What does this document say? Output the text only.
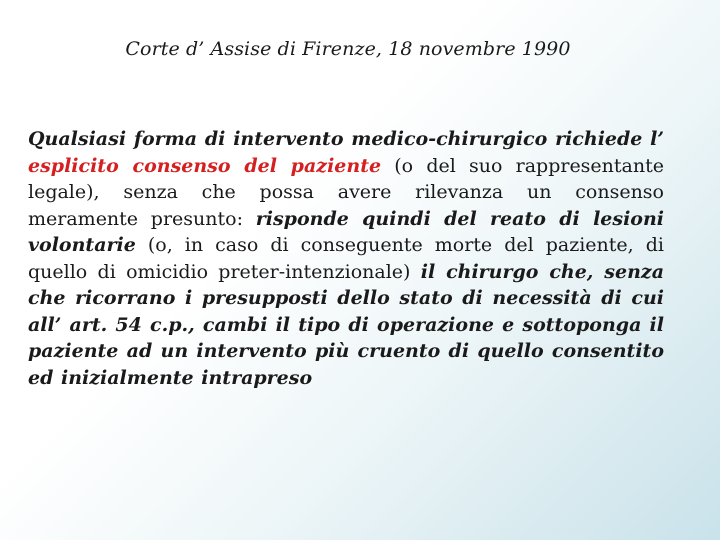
Corte d’ Assise di Firenze, 18 novembre 1990
Qualsiasi forma di intervento medico-chirurgico richiede l’ esplicito consenso del paziente (o del suo rappresentante legale), senza che possa avere rilevanza un consenso meramente presunto: risponde quindi del reato di lesioni volontarie (o, in caso di conseguente morte del paziente, di quello di omicidio preter-intenzionale) il chirurgo che, senza che ricorrano i presupposti dello stato di necessità di cui all’ art. 54 c.p., cambi il tipo di operazione e sottoponga il paziente ad un intervento più cruento di quello consentito ed inizialmente intrapreso
